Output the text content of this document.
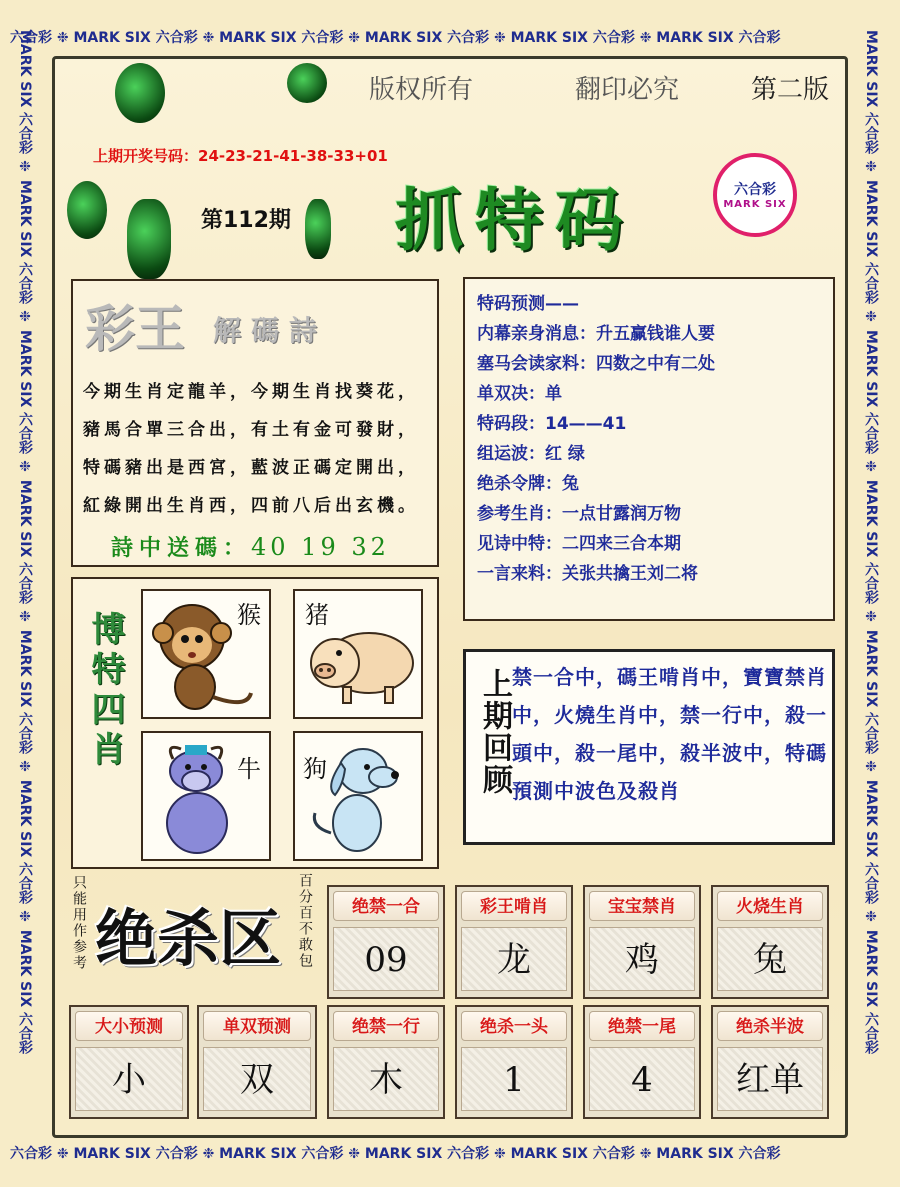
六合彩 ❉ MARK SIX 六合彩 ❉ MARK SIX 六合彩 ❉ MARK SIX 六合彩 ❉ MARK SIX 六合彩 ❉ MARK SIX 六合彩
六合彩 ❉ MARK SIX 六合彩 ❉ MARK SIX 六合彩 ❉ MARK SIX 六合彩 ❉ MARK SIX 六合彩 ❉ MARK SIX 六合彩
MARK SIX 六合彩 ❉ MARK SIX 六合彩 ❉ MARK SIX 六合彩 ❉ MARK SIX 六合彩 ❉ MARK SIX 六合彩 ❉ MARK SIX 六合彩 ❉ MARK SIX 六合彩	MARK SIX 六合彩 ❉ MARK SIX 六合彩 ❉ MARK SIX 六合彩 ❉ MARK SIX 六合彩 ❉ MARK SIX 六合彩 ❉ MARK SIX 六合彩 ❉ MARK SIX 六合彩
版权所有	翻印必究	第二版
上期开奖号码：24-23-21-41-38-33+01
第112期 抓特码	六合彩
MARK SIX
彩王 解碼詩
今期生肖定龍羊，今期生肖找葵花，
豬馬合單三合出，有土有金可發財，
特碼豬出是西宮，藍波正碼定開出，
紅綠開出生肖西，四前八后出玄機。
詩中送碼：40 19 32
特码预测——
内幕亲身消息：升五赢钱谁人要
塞马会读家料：四数之中有二处
单双决：单
特码段：14——41
组运波：红 绿
绝杀令牌：兔
参考生肖：一点甘露润万物
见诗中特：二四来三合本期
一言来料：关张共擒王刘二将
博特四肖	猴 猪
牛 狗	上期回顾 禁一合中，碼王啃肖中，寶寶禁肖中，火燒生肖中，禁一行中，殺一頭中，殺一尾中，殺半波中，特碼預測中波色及殺肖
只能用作参考 绝杀区 百分百不敢包	绝禁一合
09
彩王啃肖
龙
宝宝禁肖
鸡
火烧生肖
兔
大小预测
小
单双预测
双
绝禁一行
木
绝杀一头
1
绝禁一尾
4
绝杀半波
红单
